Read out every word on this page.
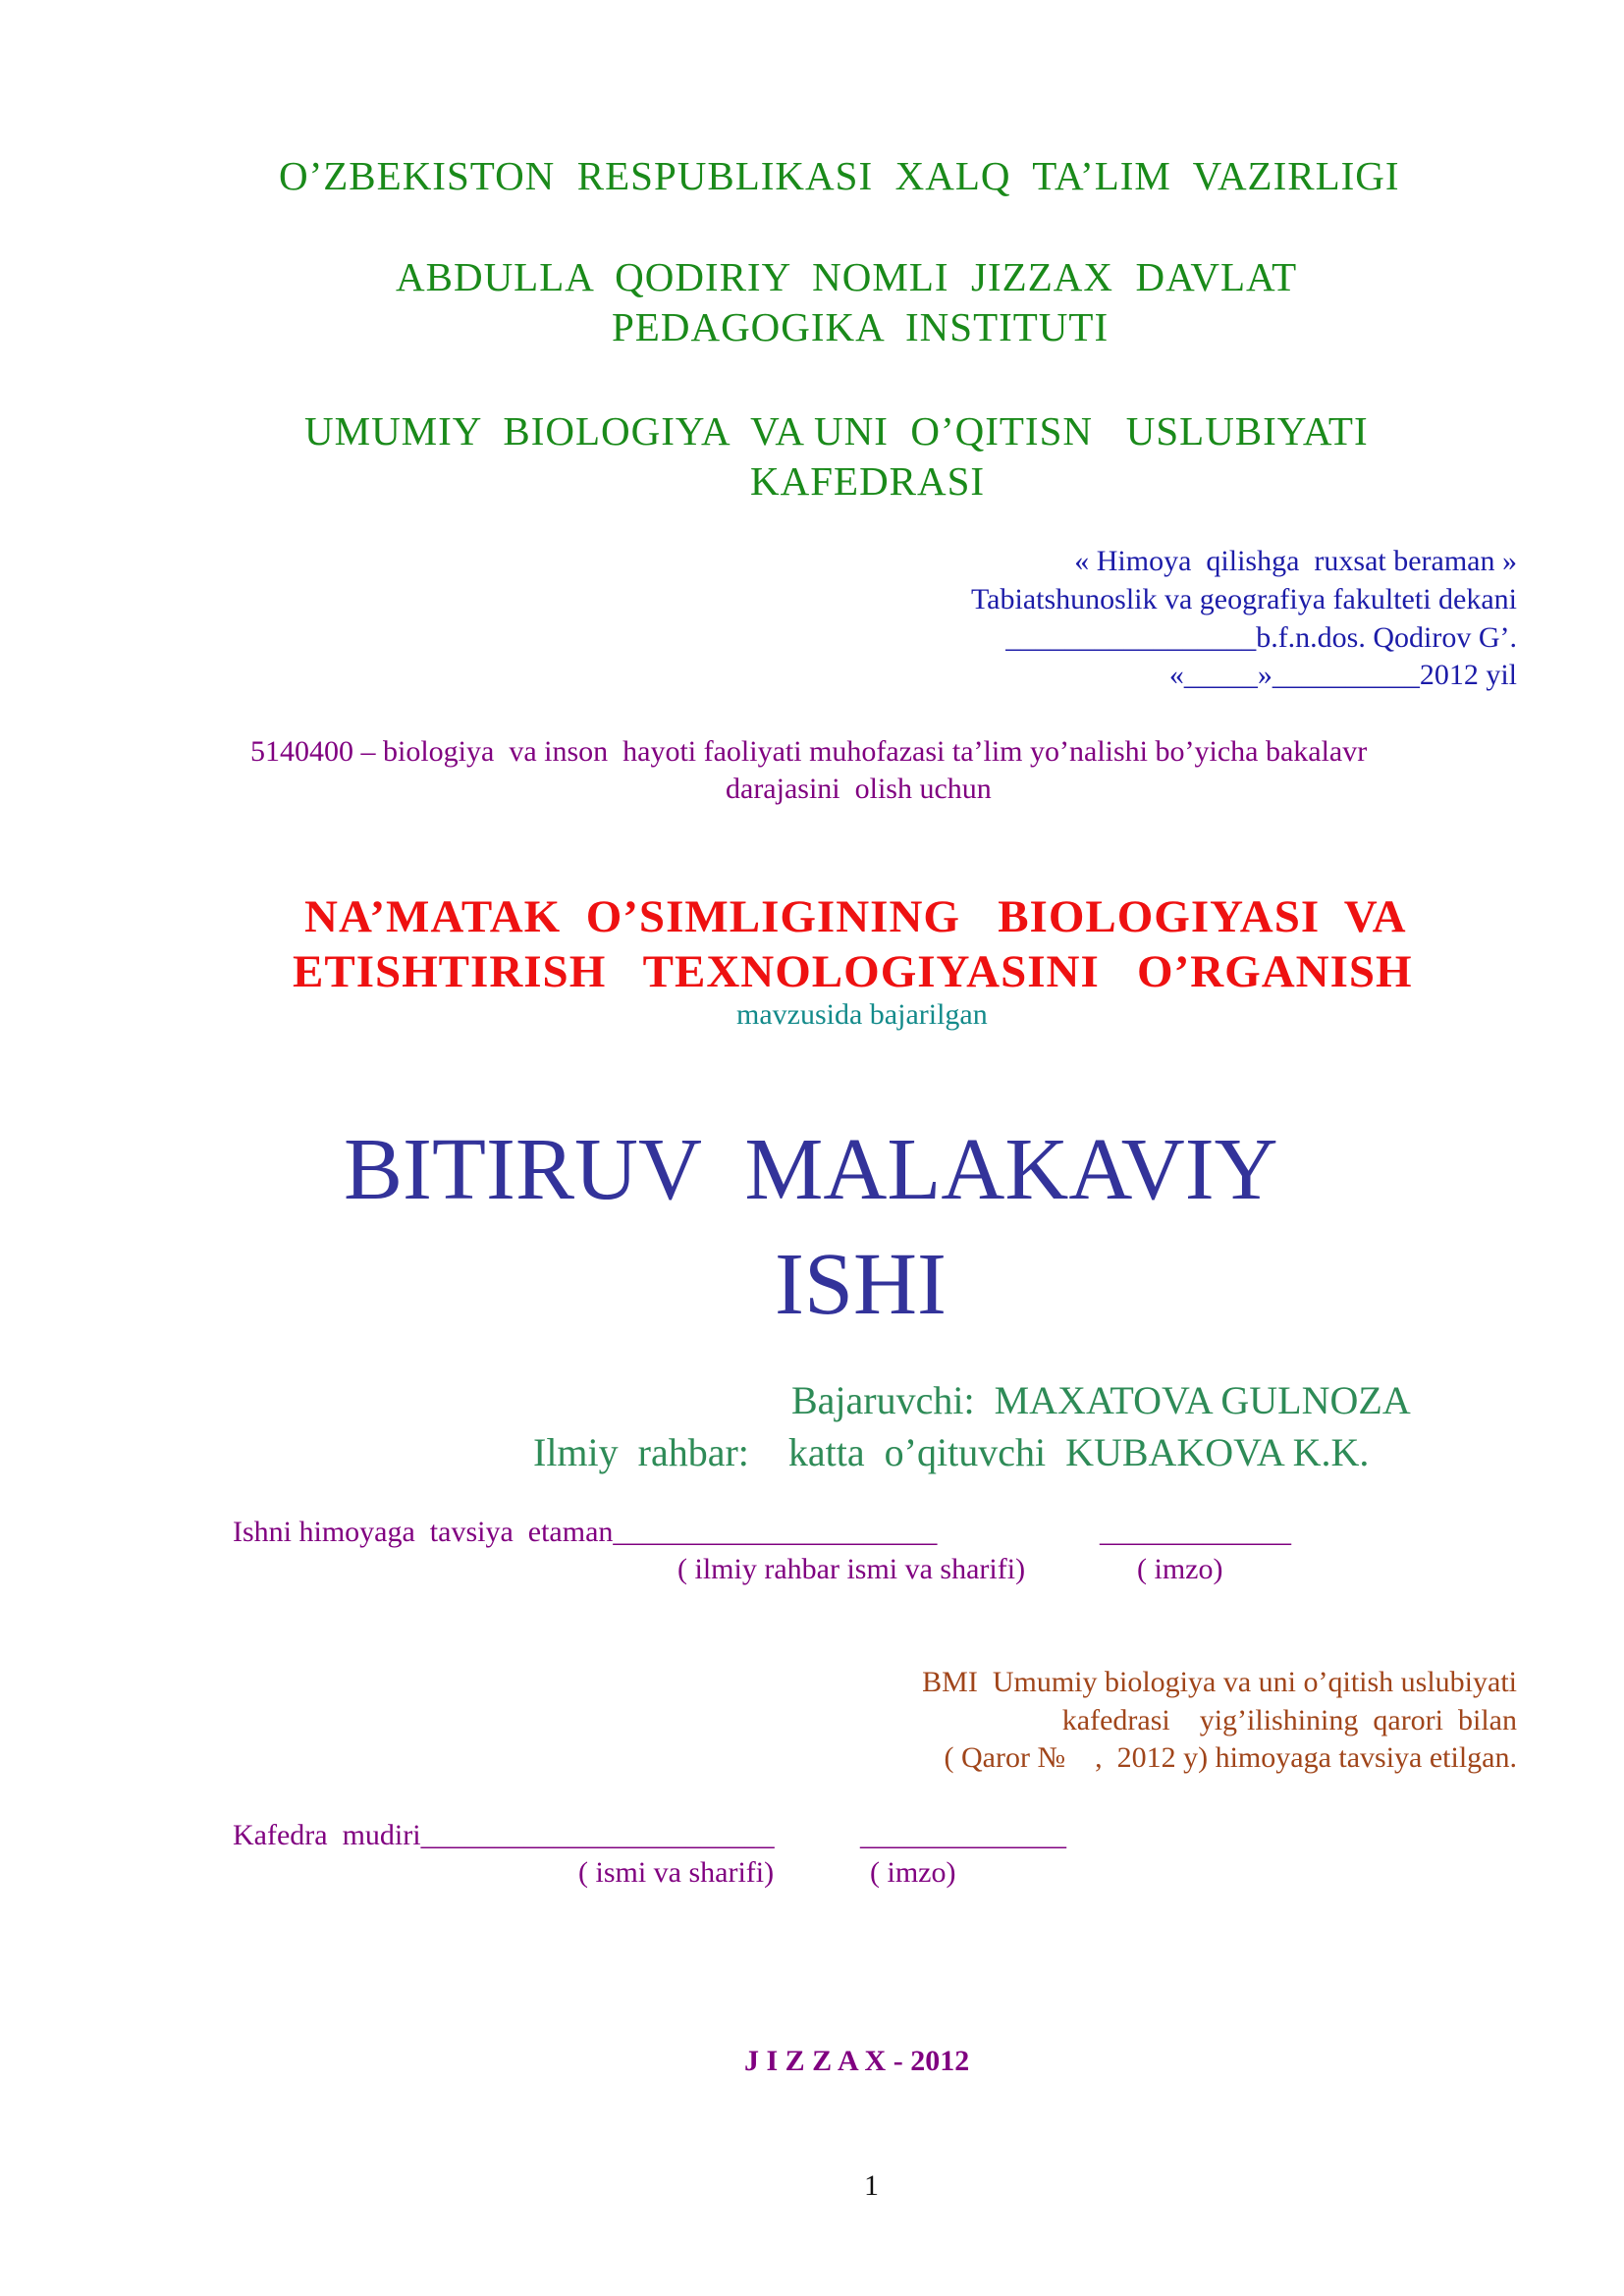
O’ZBEKISTON  RESPUBLIKASI  XALQ  TA’LIM  VAZIRLIGI
ABDULLA  QODIRIY  NOMLI  JIZZAX  DAVLAT
PEDAGOGIKA  INSTITUTI
UMUMIY  BIOLOGIYA  VA UNI  O’QITISN   USLUBIYATI
KAFEDRASI
« Himoya  qilishga  ruxsat beraman »
Tabiatshunoslik va geografiya fakulteti dekani
_________________b.f.n.dos. Qodirov G’.
«_____»__________2012 yil
5140400 – biologiya  va inson  hayoti faoliyati muhofazasi ta’lim yo’nalishi bo’yicha bakalavr
darajasini  olish uchun
NA’MATAK  O’SIMLIGINING   BIOLOGIYASI  VA
ETISHTIRISH   TEXNOLOGIYASINI   O’RGANISH
mavzusida bajarilgan
BITIRUV  MALAKAVIY
ISHI
Bajaruvchi:  MAXATOVA GULNOZA
Ilmiy  rahbar:    katta  o’qituvchi  KUBAKOVA K.K.
Ishni himoyaga  tavsiya  etaman______________________	_____________
( ilmiy rahbar ismi va sharifi)	( imzo)
BMI  Umumiy biologiya va uni o’qitish uslubiyati
kafedrasi    yig’ilishining  qarori  bilan
( Qaror №    ,  2012 y) himoyaga tavsiya etilgan.
Kafedra  mudiri________________________	______________
( ismi va sharifi)	( imzo)
J I Z Z A X - 2012
1
